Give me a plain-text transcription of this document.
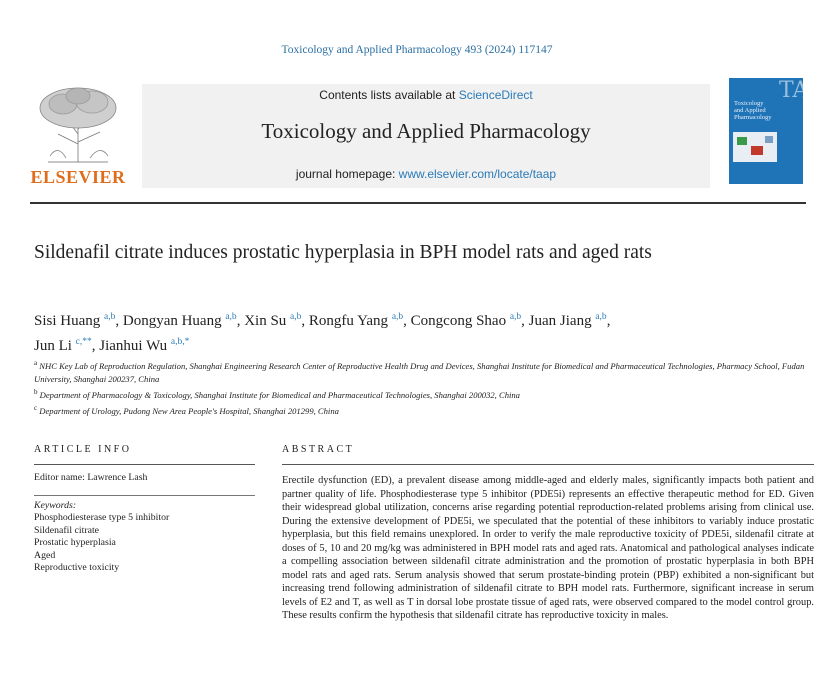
Toxicology and Applied Pharmacology 493 (2024) 117147
ELSEVIER
Contents lists available at ScienceDirect
Toxicology and Applied Pharmacology
journal homepage: www.elsevier.com/locate/taap
Toxicology and Applied Pharmacology
TAAP
Sildenafil citrate induces prostatic hyperplasia in BPH model rats and aged rats
Sisi Huang $^{a,b}$, Dongyan Huang $^{a,b}$, Xin Su $^{a,b}$, Rongfu Yang $^{a,b}$, Congcong Shao $^{a,b}$, Juan Jiang $^{a,b}$,
Jun Li $^{c,**}$, Jianhui Wu $^{a,b,*}$
$^a$ NHC Key Lab of Reproduction Regulation, Shanghai Engineering Research Center of Reproductive Health Drug and Devices, Shanghai Institute for Biomedical and Pharmaceutical Technologies, Pharmacy School, Fudan University, Shanghai 200237, China
$^b$ Department of Pharmacology & Toxicology, Shanghai Institute for Biomedical and Pharmaceutical Technologies, Shanghai 200032, China
$^c$ Department of Urology, Pudong New Area People's Hospital, Shanghai 201299, China
ARTICLE INFO	ABSTRACT
Editor name: Lawrence Lash
Keywords:
Phosphodiesterase type 5 inhibitor
Sildenafil citrate
Prostatic hyperplasia
Aged
Reproductive toxicity
Erectile dysfunction (ED), a prevalent disease among middle-aged and elderly males, significantly impacts both patient and partner quality of life. Phosphodiesterase type 5 inhibitor (PDE5i) represents an effective therapeutic method for ED. Given their widespread global utilization, concerns arise regarding potential reproduction-related problems arising from clinical use. During the extensive development of PDE5i, we speculated that the potential of these inhibitors to variably induce prostatic hyperplasia, but this field remains unexplored. In order to verify the male reproductive toxicity of PDE5i, sildenafil citrate at doses of 5, 10 and 20 mg/kg was administered in BPH model rats and aged rats. Anatomical and pathological analyses indicate a compelling association between sildenafil citrate administration and the promotion of prostatic hyperplasia in both BPH model rats and aged rats. Serum analysis showed that serum prostate-binding protein (PBP) exhibited a non-significant but increasing trend following administration of sildenafil citrate to BPH model rats. Furthermore, significant increase in serum levels of E2 and T, as well as T in dorsal lobe prostate tissue of aged rats, were observed compared to the model control group. These results confirm the hypothesis that sildenafil citrate has reproductive toxicity in males.
